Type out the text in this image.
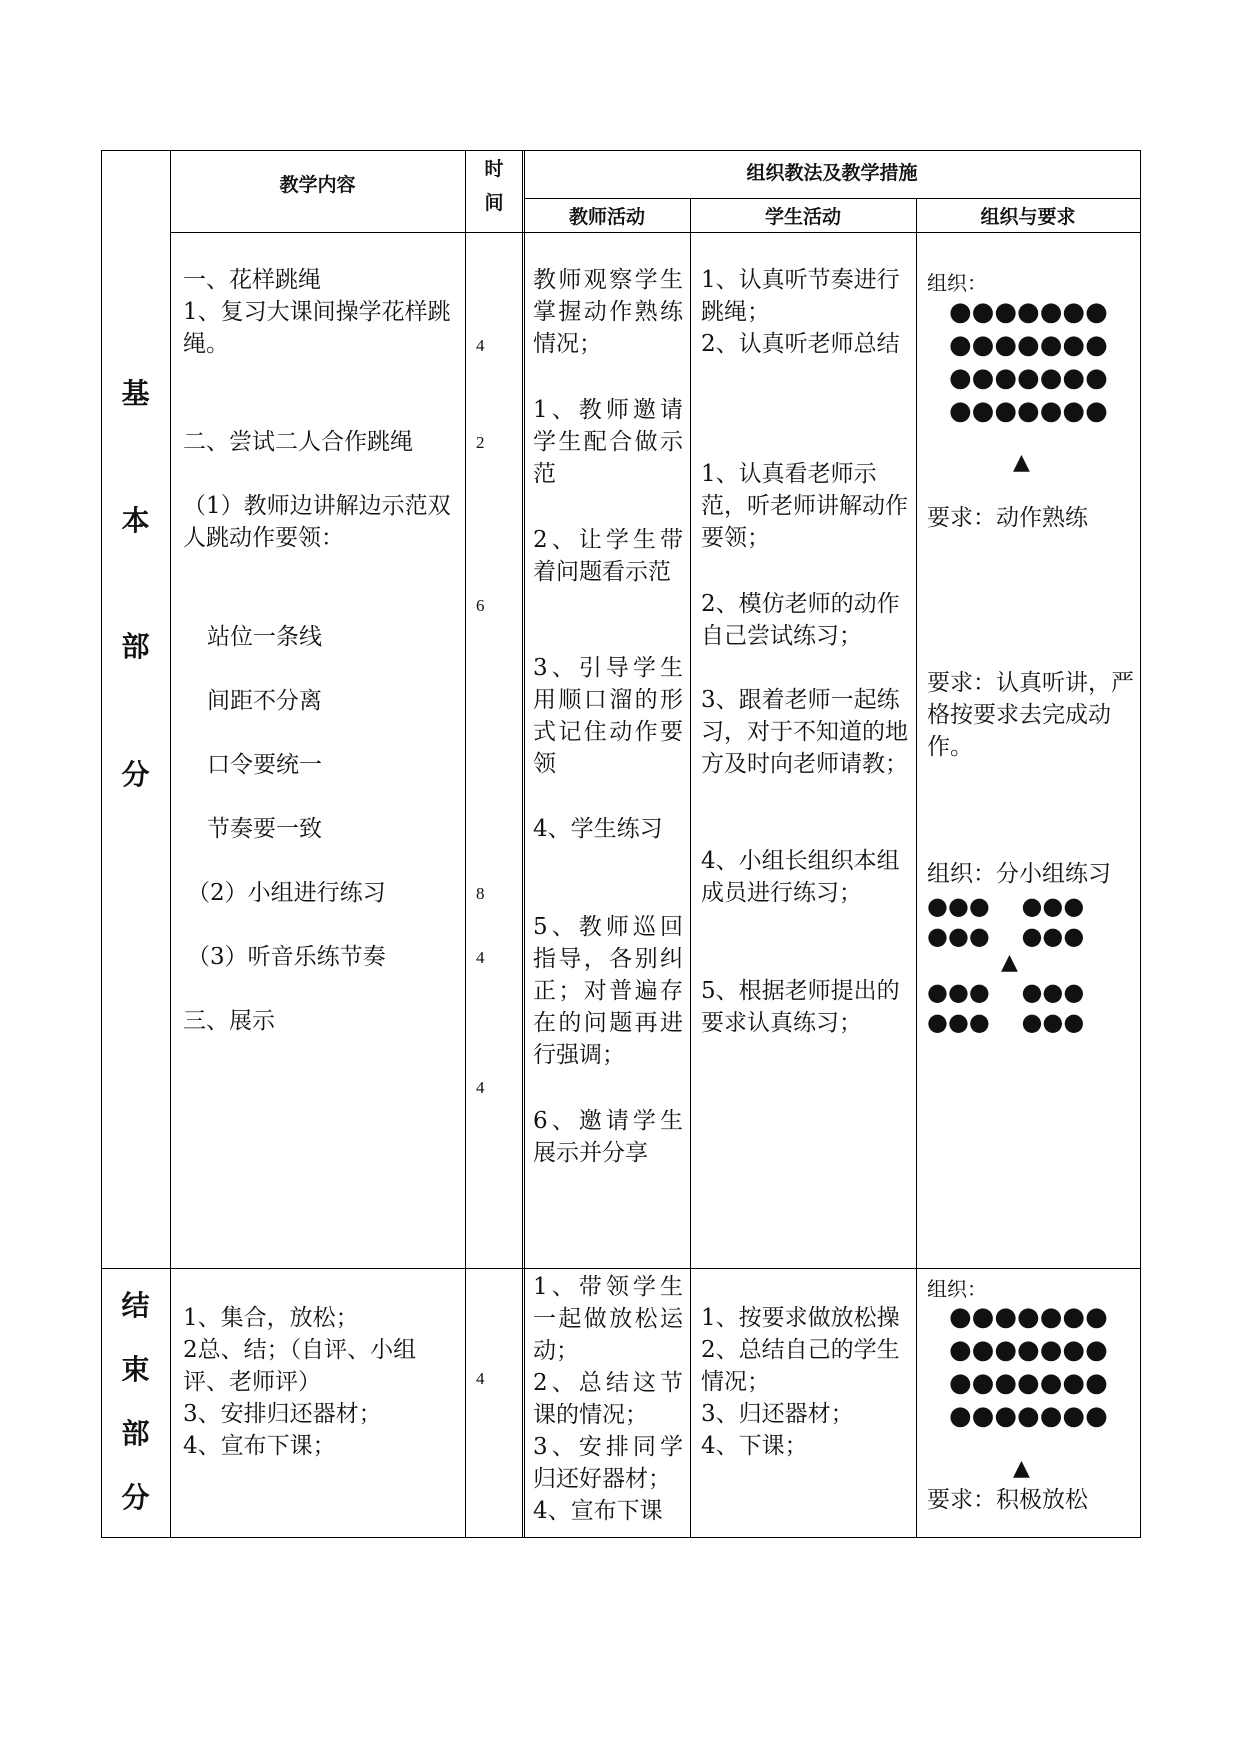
教学内容
时间
组织教法及教学措施
教师活动	学生活动	组织与要求
基
本
部
分
一、花样跳绳
1、复习大课间操学花样跳绳。
二、尝试二人合作跳绳
（1）教师边讲解边示范双人跳动作要领：
站位一条线
间距不分离
口令要统一
节奏要一致
（2）小组进行练习
（3）听音乐练节奏
三、展示
4
2
6
8
4
4
教师观察学生掌握动作熟练情况；
1、教师邀请学生配合做示范
2、让学生带着问题看示范
3、引导学生用顺口溜的形式记住动作要领
4、学生练习
5、教师巡回指导，各别纠正；对普遍存在的问题再进行强调；
6、邀请学生展示并分享
1、认真听节奏进行跳绳；
2、认真听老师总结
1、认真看老师示范，听老师讲解动作要领；
2、模仿老师的动作自己尝试练习；
3、跟着老师一起练习，对于不知道的地方及时向老师请教；
4、小组长组织本组成员进行练习；
5、根据老师提出的要求认真练习；
组织：
●●●●●●●
●●●●●●●
●●●●●●●
●●●●●●●
▲
要求：动作熟练
要求：认真听讲，严格按要求去完成动作。
组织：分小组练习
●●●　 ●●●
●●●　 ●●●
▲
●●●　 ●●●
●●●　 ●●●
结
束
部
分
1、集合，放松；
2总、结；（自评、小组评、老师评）
3、安排归还器材；
4、宣布下课；
4
1、带领学生一起做放松运动；
2、总结这节课的情况；
3、安排同学归还好器材；
4、宣布下课
1、按要求做放松操
2、总结自己的学生情况；
3、归还器材；
4、下课；
组织：
●●●●●●●
●●●●●●●
●●●●●●●
●●●●●●●
▲
要求：积极放松
